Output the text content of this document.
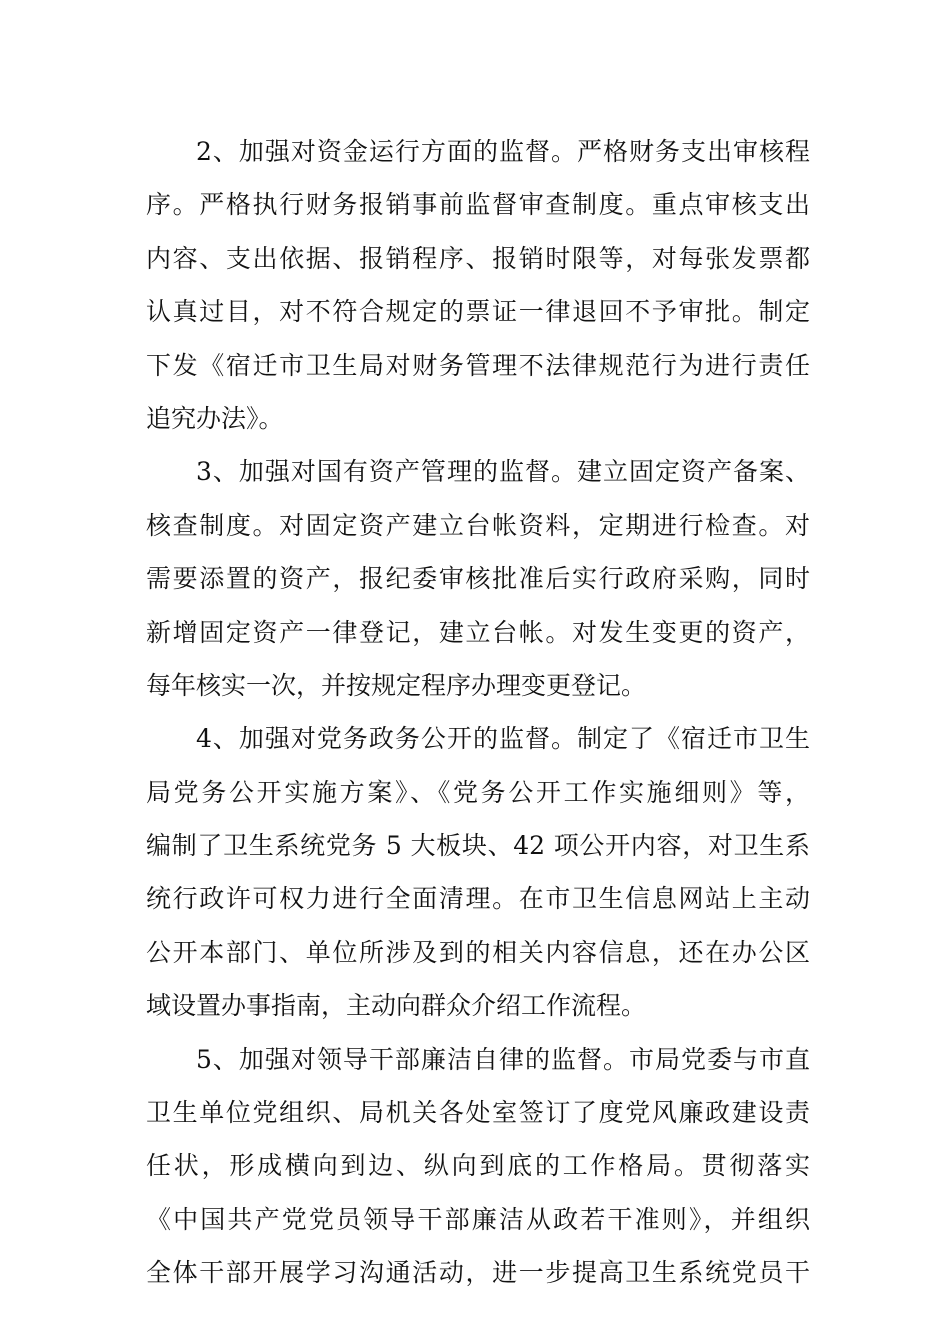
2、加强对资金运行方面的监督。严格财务支出审核程
序。严格执行财务报销事前监督审查制度。重点审核支出
内容、支出依据、报销程序、报销时限等，对每张发票都
认真过目，对不符合规定的票证一律退回不予审批。制定
下发《宿迁市卫生局对财务管理不法律规范行为进行责任
追究办法》。
3、加强对国有资产管理的监督。建立固定资产备案、
核查制度。对固定资产建立台帐资料，定期进行检查。对
需要添置的资产，报纪委审核批准后实行政府采购，同时
新增固定资产一律登记，建立台帐。对发生变更的资产，
每年核实一次，并按规定程序办理变更登记。
4、加强对党务政务公开的监督。制定了《宿迁市卫生
局党务公开实施方案》、《党务公开工作实施细则》等，
编制了卫生系统党务 5 大板块、42 项公开内容，对卫生系
统行政许可权力进行全面清理。在市卫生信息网站上主动
公开本部门、单位所涉及到的相关内容信息，还在办公区
域设置办事指南，主动向群众介绍工作流程。
5、加强对领导干部廉洁自律的监督。市局党委与市直
卫生单位党组织、局机关各处室签订了度党风廉政建设责
任状，形成横向到边、纵向到底的工作格局。贯彻落实
《中国共产党党员领导干部廉洁从政若干准则》，并组织
全体干部开展学习沟通活动，进一步提高卫生系统党员干
